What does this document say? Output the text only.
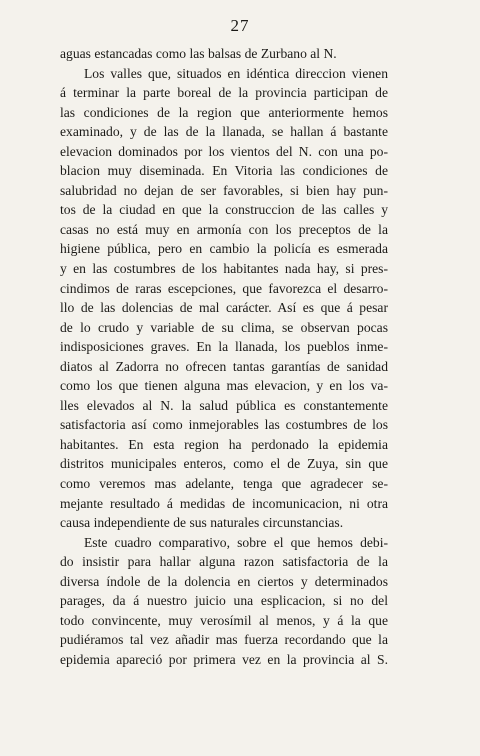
27
aguas estancadas como las balsas de Zurbano al N.
Los valles que, situados en idéntica direccion vienen
á terminar la parte boreal de la provincia participan de
las condiciones de la region que anteriormente hemos
examinado, y de las de la llanada, se hallan á bastante
elevacion dominados por los vientos del N. con una po-
blacion muy diseminada. En Vitoria las condiciones de
salubridad no dejan de ser favorables, si bien hay pun-
tos de la ciudad en que la construccion de las calles y
casas no está muy en armonía con los preceptos de la
higiene pública, pero en cambio la policía es esmerada
y en las costumbres de los habitantes nada hay, si pres-
cindimos de raras escepciones, que favorezca el desarro-
llo de las dolencias de mal carácter. Así es que á pesar
de lo crudo y variable de su clima, se observan pocas
indisposiciones graves. En la llanada, los pueblos inme-
diatos al Zadorra no ofrecen tantas garantías de sanidad
como los que tienen alguna mas elevacion, y en los va-
lles elevados al N. la salud pública es constantemente
satisfactoria así como inmejorables las costumbres de los
habitantes. En esta region ha perdonado la epidemia
distritos municipales enteros, como el de Zuya, sin que
como veremos mas adelante, tenga que agradecer se-
mejante resultado á medidas de incomunicacion, ni otra
causa independiente de sus naturales circunstancias.
Este cuadro comparativo, sobre el que hemos debi-
do insistir para hallar alguna razon satisfactoria de la
diversa índole de la dolencia en ciertos y determinados
parages, da á nuestro juicio una esplicacion, si no del
todo convincente, muy verosímil al menos, y á la que
pudiéramos tal vez añadir mas fuerza recordando que la
epidemia apareció por primera vez en la provincia al S.
